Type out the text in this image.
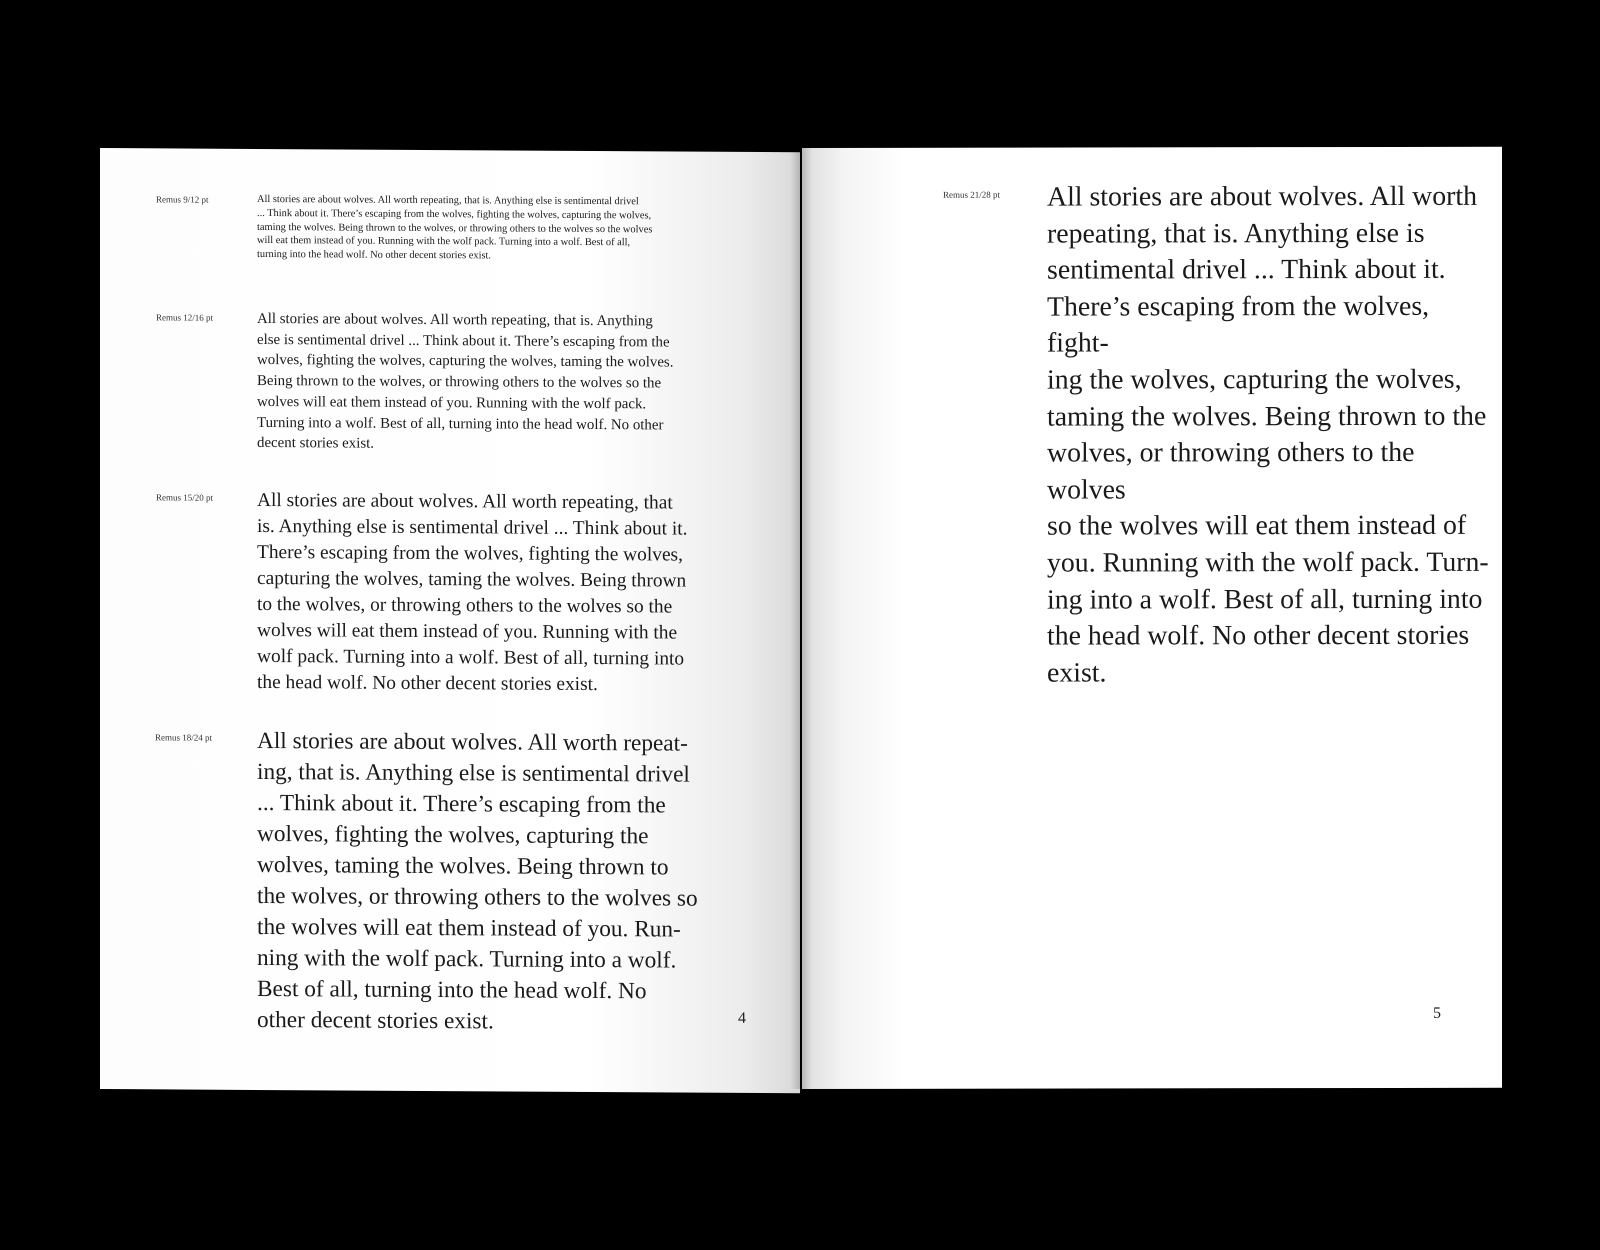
Remus 9/12 pt	All stories are about wolves. All worth repeating, that is. Anything else is sentimental drivel
... Think about it. There’s escaping from the wolves, fighting the wolves, capturing the wolves,
taming the wolves. Being thrown to the wolves, or throwing others to the wolves so the wolves
will eat them instead of you. Running with the wolf pack. Turning into a wolf. Best of all,
turning into the head wolf. No other decent stories exist.

Remus 12/16 pt	All stories are about wolves. All worth repeating, that is. Anything
else is sentimental drivel ... Think about it. There’s escaping from the
wolves, fighting the wolves, capturing the wolves, taming the wolves.
Being thrown to the wolves, or throwing others to the wolves so the
wolves will eat them instead of you. Running with the wolf pack.
Turning into a wolf. Best of all, turning into the head wolf. No other
decent stories exist.

Remus 15/20 pt All stories are about wolves. All worth repeating, that
is. Anything else is sentimental drivel ... Think about it.
There’s escaping from the wolves, fighting the wolves,
capturing the wolves, taming the wolves. Being thrown
to the wolves, or throwing others to the wolves so the
wolves will eat them instead of you. Running with the
wolf pack. Turning into a wolf. Best of all, turning into
the head wolf. No other decent stories exist.

Remus 18/24 pt All stories are about wolves. All worth repeat-
ing, that is. Anything else is sentimental drivel
... Think about it. There’s escaping from the
wolves, fighting the wolves, capturing the
wolves, taming the wolves. Being thrown to
the wolves, or throwing others to the wolves so
the wolves will eat them instead of you. Run-
ning with the wolf pack. Turning into a wolf.
Best of all, turning into the head wolf. No
other decent stories exist.	4
Remus 21/28 pt All stories are about wolves. All worth
repeating, that is. Anything else is
sentimental drivel ... Think about it.
There’s escaping from the wolves, fight-
ing the wolves, capturing the wolves,
taming the wolves. Being thrown to the
wolves, or throwing others to the wolves
so the wolves will eat them instead of
you. Running with the wolf pack. Turn-
ing into a wolf. Best of all, turning into
the head wolf. No other decent stories
exist.

5
